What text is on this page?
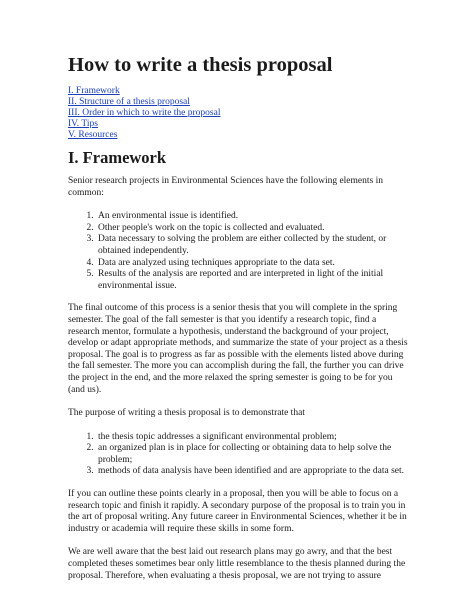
How to write a thesis proposal
I. Framework
II. Structure of a thesis proposal
III. Order in which to write the proposal
IV. Tips
V. Resources
I. Framework

Senior research projects in Environmental Sciences have the following elements in common:

1. An environmental issue is identified.
2. Other people's work on the topic is collected and evaluated.
3. Data necessary to solving the problem are either collected by the student, or obtained independently.
4. Data are analyzed using techniques appropriate to the data set.
5. Results of the analysis are reported and are interpreted in light of the initial environmental issue.

The final outcome of this process is a senior thesis that you will complete in the spring semester. The goal of the fall semester is that you identify a research topic, find a research mentor, formulate a hypothesis, understand the background of your project, develop or adapt appropriate methods, and summarize the state of your project as a thesis proposal. The goal is to progress as far as possible with the elements listed above during the fall semester. The more you can accomplish during the fall, the further you can drive the project in the end, and the more relaxed the spring semester is going to be for you (and us).

The purpose of writing a thesis proposal is to demonstrate that

1. the thesis topic addresses a significant environmental problem;
2. an organized plan is in place for collecting or obtaining data to help solve the problem;
3. methods of data analysis have been identified and are appropriate to the data set.

If you can outline these points clearly in a proposal, then you will be able to focus on a research topic and finish it rapidly. A secondary purpose of the proposal is to train you in the art of proposal writing. Any future career in Environmental Sciences, whether it be in industry or academia will require these skills in some form.

We are well aware that the best laid out research plans may go awry, and that the best completed theses sometimes bear only little resemblance to the thesis planned during the proposal. Therefore, when evaluating a thesis proposal, we are not trying to assure
